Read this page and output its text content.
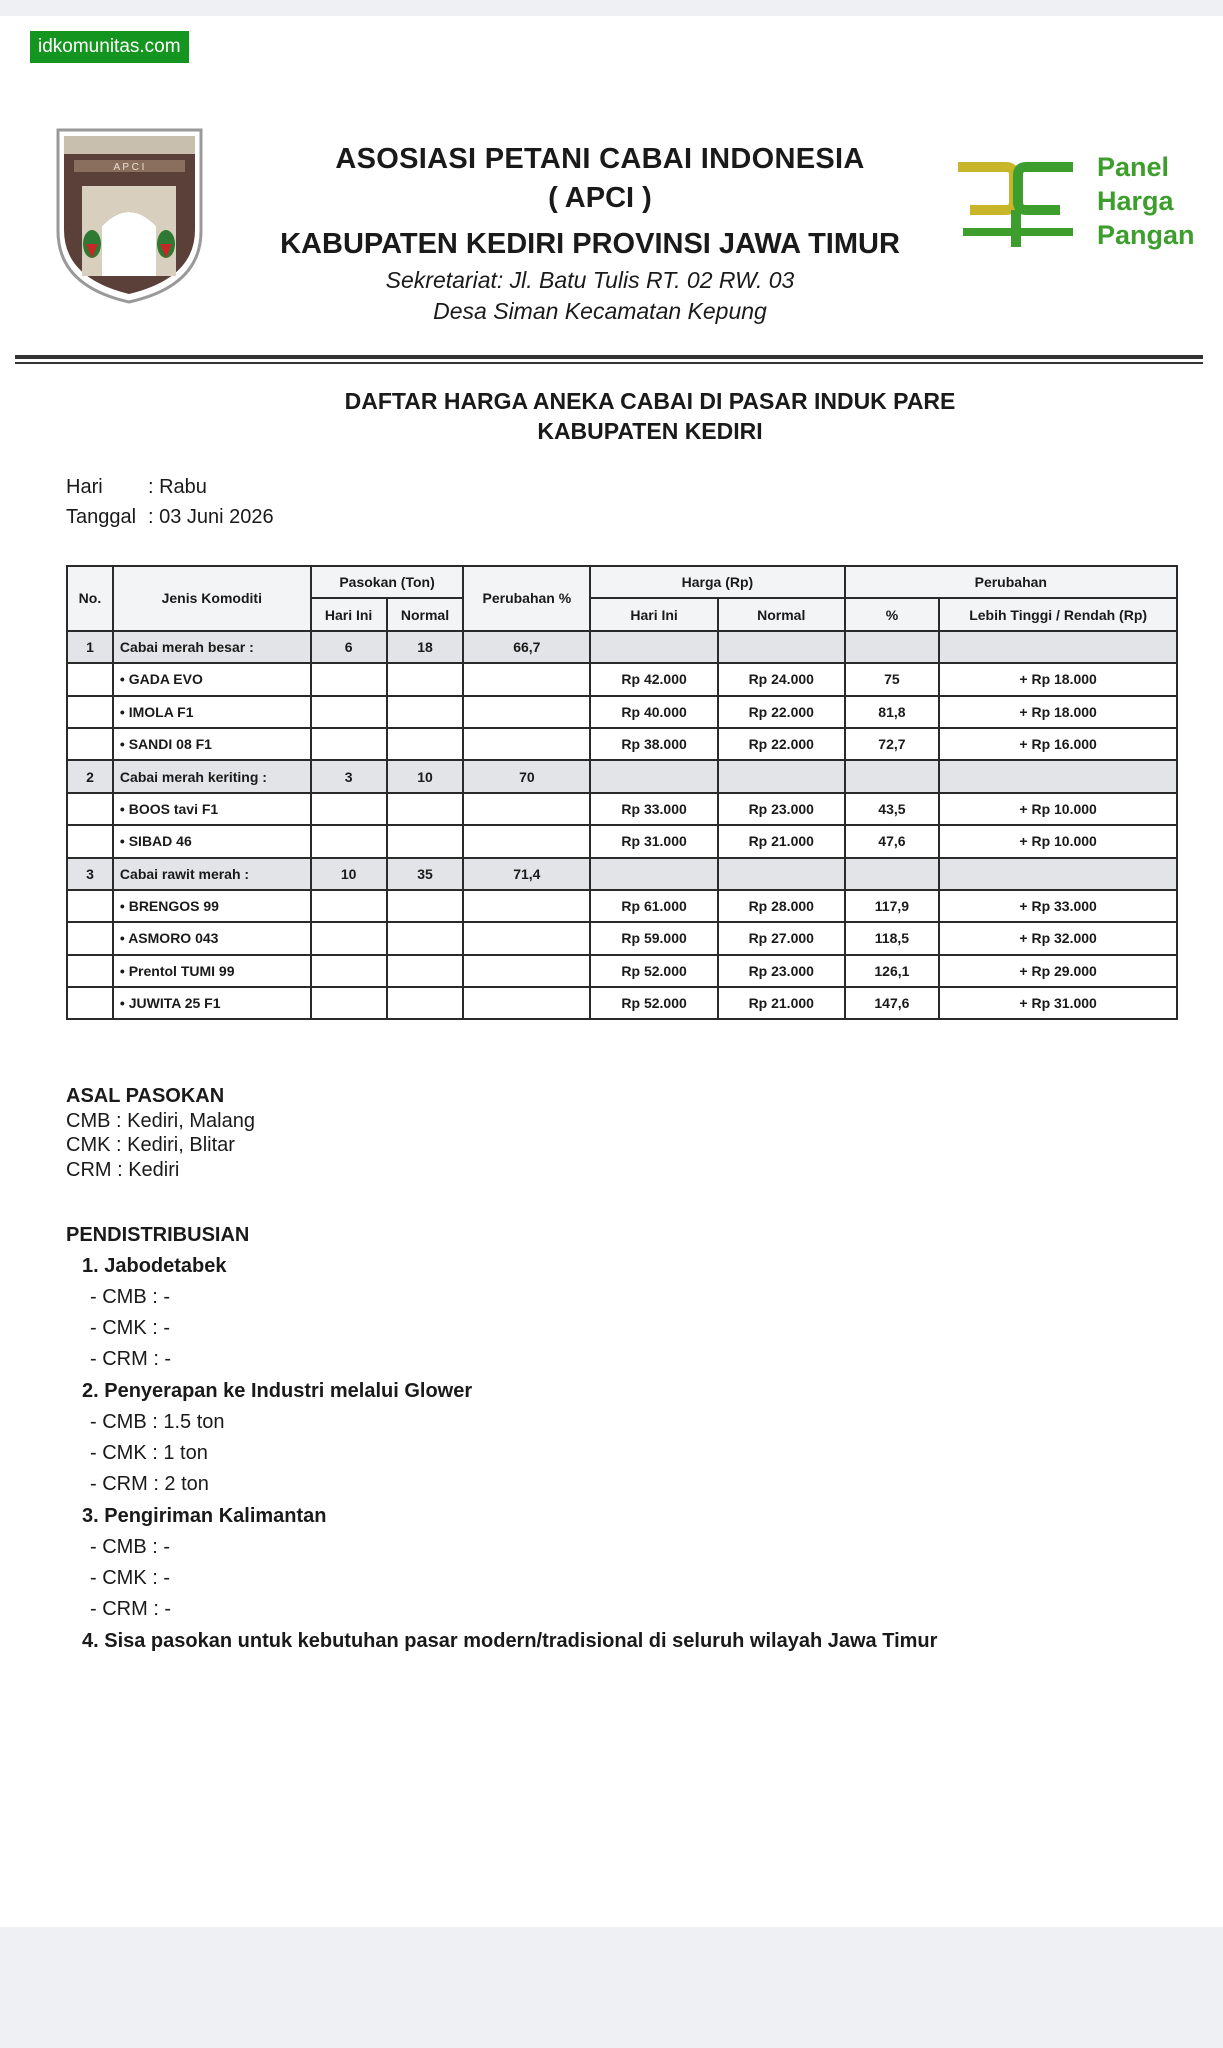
idkomunitas.com
A P C I	ASOSIASI PETANI CABAI INDONESIA
( APCI )
KABUPATEN KEDIRI PROVINSI JAWA TIMUR
Sekretariat: Jl. Batu Tulis RT. 02 RW. 03
Desa Siman Kecamatan Kepung
Panel
Harga
Pangan
DAFTAR HARGA ANEKA CABAI DI PASAR INDUK PARE
KABUPATEN KEDIRI
Hari : Rabu
Tanggal : 03 Juni 2026
No.	Jenis Komoditi	Pasokan (Ton)		Perubahan %	Harga (Rp)		Perubahan	
		Hari Ini	Normal		Hari Ini	Normal	%	Lebih Tinggi / Rendah (Rp)
1	Cabai merah besar :	6	18	66,7				
	• GADA EVO				Rp 42.000	Rp 24.000	75	+ Rp 18.000
	• IMOLA F1				Rp 40.000	Rp 22.000	81,8	+ Rp 18.000
	• SANDI 08 F1				Rp 38.000	Rp 22.000	72,7	+ Rp 16.000
2	Cabai merah keriting :	3	10	70				
	• BOOS tavi F1				Rp 33.000	Rp 23.000	43,5	+ Rp 10.000
	• SIBAD 46				Rp 31.000	Rp 21.000	47,6	+ Rp 10.000
3	Cabai rawit merah :	10	35	71,4				
	• BRENGOS 99				Rp 61.000	Rp 28.000	117,9	+ Rp 33.000
	• ASMORO 043				Rp 59.000	Rp 27.000	118,5	+ Rp 32.000
	• Prentol TUMI 99				Rp 52.000	Rp 23.000	126,1	+ Rp 29.000
	• JUWITA 25 F1				Rp 52.000	Rp 21.000	147,6	+ Rp 31.000
ASAL PASOKAN
CMB : Kediri, Malang
CMK : Kediri, Blitar
CRM : Kediri
PENDISTRIBUSIAN
1. Jabodetabek
- CMB : -
- CMK : -
- CRM : -
2. Penyerapan ke Industri melalui Glower
- CMB : 1.5 ton
- CMK : 1 ton
- CRM : 2 ton
3. Pengiriman Kalimantan
- CMB : -
- CMK : -
- CRM : -
4. Sisa pasokan untuk kebutuhan pasar modern/tradisional di seluruh wilayah Jawa Timur
